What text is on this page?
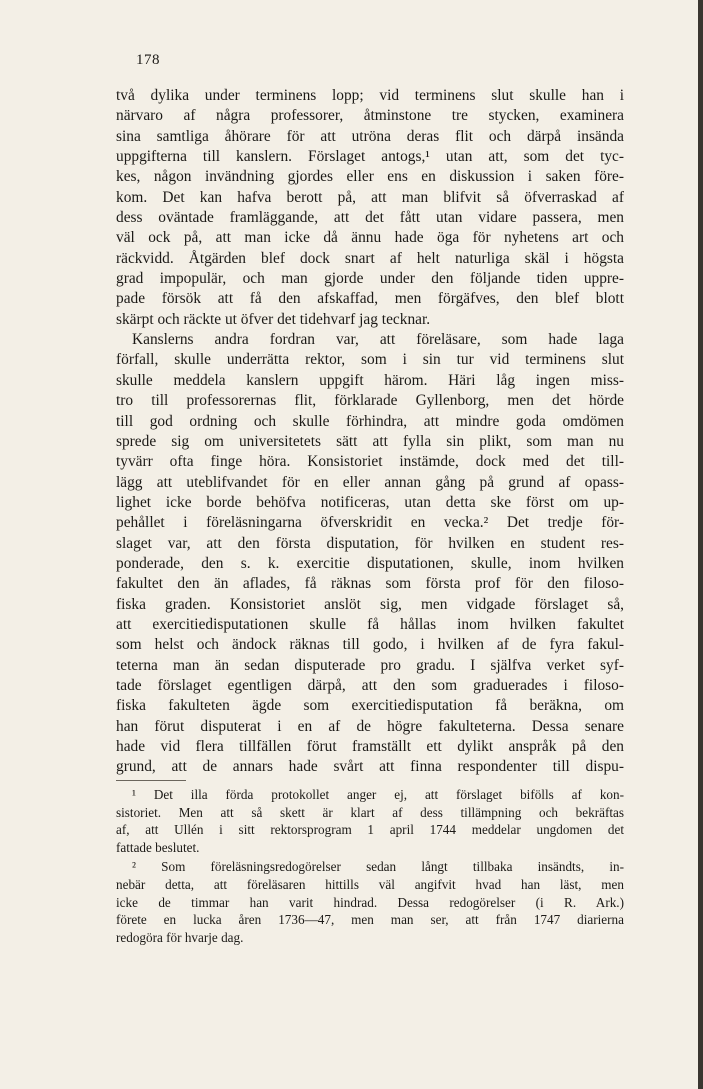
178
två dylika under terminens lopp; vid terminens slut skulle han i
närvaro af några professorer, åtminstone tre stycken, examinera
sina samtliga åhörare för att utröna deras flit och därpå insända
uppgifterna till kanslern. Förslaget antogs,¹ utan att, som det tyc-
kes, någon invändning gjordes eller ens en diskussion i saken före-
kom. Det kan hafva berott på, att man blifvit så öfverraskad af
dess oväntade framläggande, att det fått utan vidare passera, men
väl ock på, att man icke då ännu hade öga för nyhetens art och
räckvidd. Åtgärden blef dock snart af helt naturliga skäl i högsta
grad impopulär, och man gjorde under den följande tiden uppre-
pade försök att få den afskaffad, men förgäfves, den blef blott
skärpt och räckte ut öfver det tidehvarf jag tecknar.
Kanslerns andra fordran var, att föreläsare, som hade laga
förfall, skulle underrätta rektor, som i sin tur vid terminens slut
skulle meddela kanslern uppgift härom. Häri låg ingen miss-
tro till professorernas flit, förklarade Gyllenborg, men det hörde
till god ordning och skulle förhindra, att mindre goda omdömen
sprede sig om universitetets sätt att fylla sin plikt, som man nu
tyvärr ofta finge höra. Konsistoriet instämde, dock med det till-
lägg att uteblifvandet för en eller annan gång på grund af opass-
lighet icke borde behöfva notificeras, utan detta ske först om up-
pehållet i föreläsningarna öfverskridit en vecka.² Det tredje för-
slaget var, att den första disputation, för hvilken en student res-
ponderade, den s. k. exercitie disputationen, skulle, inom hvilken
fakultet den än aflades, få räknas som första prof för den filoso-
fiska graden. Konsistoriet anslöt sig, men vidgade förslaget så,
att exercitiedisputationen skulle få hållas inom hvilken fakultet
som helst och ändock räknas till godo, i hvilken af de fyra fakul-
teterna man än sedan disputerade pro gradu. I själfva verket syf-
tade förslaget egentligen därpå, att den som graduerades i filoso-
fiska fakulteten ägde som exercitiedisputation få beräkna, om
han förut disputerat i en af de högre fakulteterna. Dessa senare
hade vid flera tillfällen förut framställt ett dylikt anspråk på den
grund, att de annars hade svårt att finna respondenter till dispu-
¹ Det illa förda protokollet anger ej, att förslaget bifölls af kon-
sistoriet. Men att så skett är klart af dess tillämpning och bekräftas
af, att Ullén i sitt rektorsprogram 1 april 1744 meddelar ungdomen det
fattade beslutet.
² Som föreläsningsredogörelser sedan långt tillbaka insändts, in-
nebär detta, att föreläsaren hittills väl angifvit hvad han läst, men
icke de timmar han varit hindrad. Dessa redogörelser (i R. Ark.)
förete en lucka åren 1736—47, men man ser, att från 1747 diarierna
redogöra för hvarje dag.
